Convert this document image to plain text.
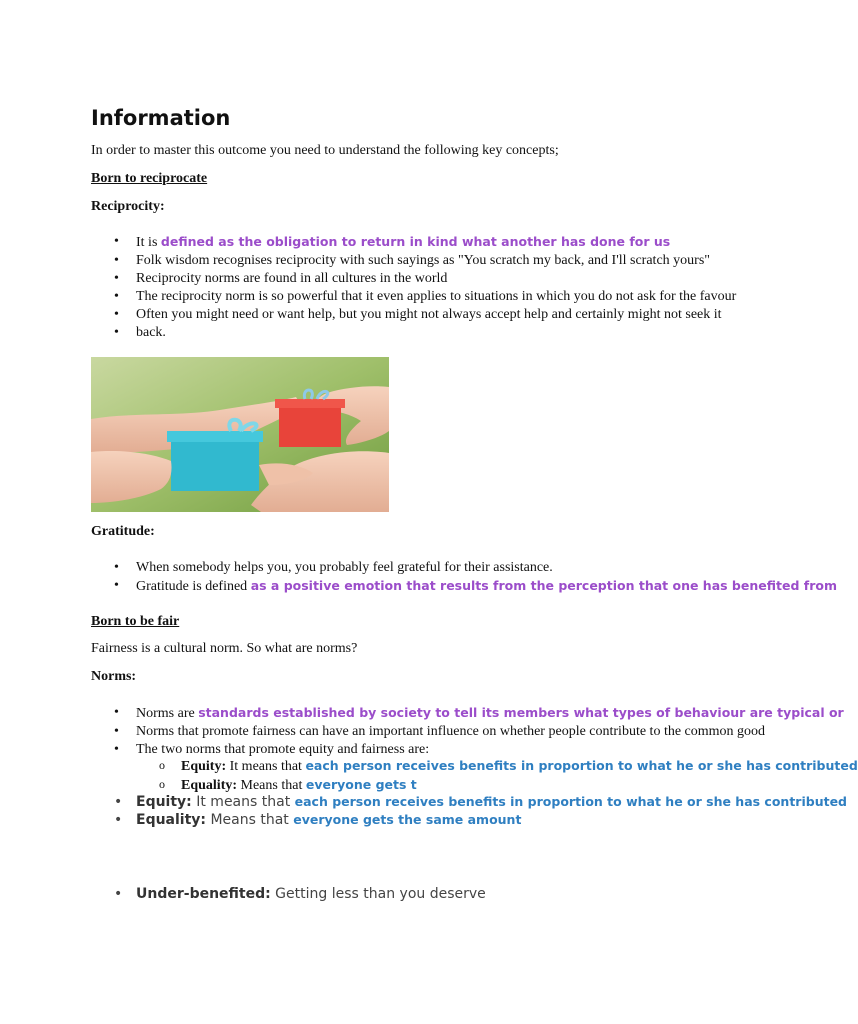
Information

In order to master this outcome you need to understand the following key concepts;

Born to reciprocate

Reciprocity:

• It is defined as the obligation to return in kind what another has done for us
• Folk wisdom recognises reciprocity with such sayings as "You scratch my back, and I'll scratch yours"
• Reciprocity norms are found in all cultures in the world
• The reciprocity norm is so powerful that it even applies to situations in which you do not ask for the favour
• Often you might need or want help, but you might not always accept help and certainly might not seek it
• back.

Gratitude:

• When somebody helps you, you probably feel grateful for their assistance.
• Gratitude is defined as a positive emotion that results from the perception that one has benefited from

Born to be fair

Fairness is a cultural norm. So what are norms?

Norms:

• Norms are standards established by society to tell its members what types of behaviour are typical or
• Norms that promote fairness can have an important influence on whether people contribute to the common good
• The two norms that promote equity and fairness are:
o Equity: It means that each person receives benefits in proportion to what he or she has contributed
o Equality: Means that everyone gets t
• Equity: It means that each person receives benefits in proportion to what he or she has contributed
• Equality: Means that everyone gets the same amount
• Under-benefited: Getting less than you deserve
